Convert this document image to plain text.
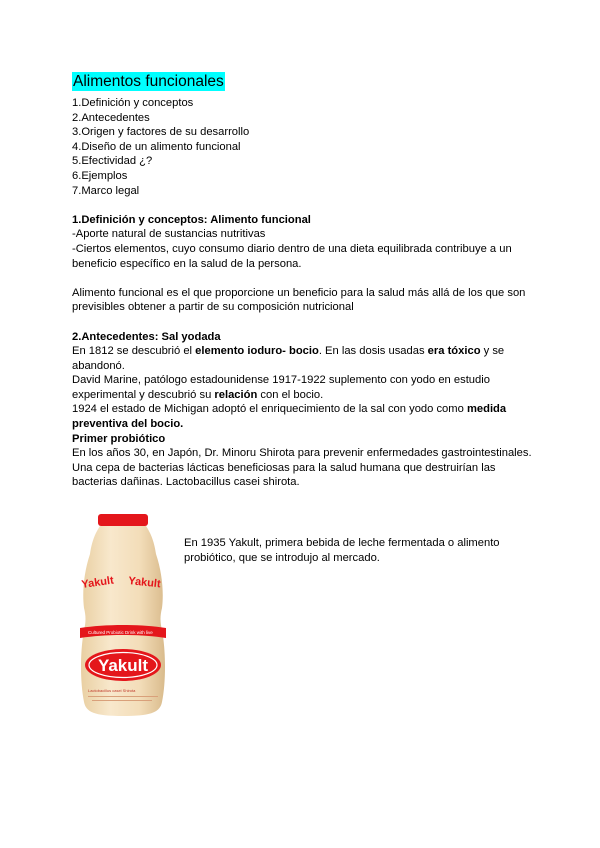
Alimentos funcionales
1.Definición y conceptos
2.Antecedentes
3.Origen y factores de su desarrollo
4.Diseño de un alimento funcional
5.Efectividad ¿?
6.Ejemplos
7.Marco legal

1.Definición y conceptos: Alimento funcional

-Aporte natural de sustancias nutritivas

-Ciertos elementos, cuyo consumo diario dentro de una dieta equilibrada contribuye a un beneficio específico en la salud de la persona.

Alimento funcional es el que proporcione un beneficio para la salud más allá de los que son previsibles obtener a partir de su composición nutricional

2.Antecedentes: Sal yodada

En 1812 se descubrió el elemento ioduro- bocio. En las dosis usadas era tóxico y se abandonó.

David Marine, patólogo estadounidense 1917-1922 suplemento con yodo en estudio experimental y descubrió su relación con el bocio.

1924 el estado de Michigan adoptó el enriquecimiento de la sal con yodo como medida preventiva del bocio.

Primer probiótico

En los años 30, en Japón, Dr. Minoru Shirota para prevenir enfermedades gastrointestinales.

Una cepa de bacterias lácticas beneficiosas para la salud humana que destruirían las bacterias dañinas. Lactobacillus casei shirota.

Yakult Yakult
Cultured Probiotic Drink with live
Yakult
Lactobacillus casei Shirota
En 1935 Yakult, primera bebida de leche fermentada o alimento probiótico, que se introdujo al mercado.
